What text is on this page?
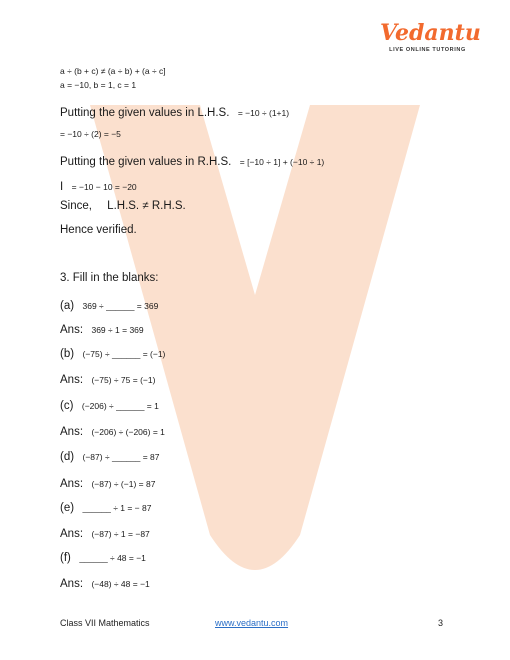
Vedantu
LIVE ONLINE TUTORING
a ÷ (b + c) ≠ (a ÷ b) + (a ÷ c]
a = −10, b = 1, c = 1
Putting the given values in L.H.S. = −10 ÷ (1+1)
= −10 ÷ (2) = −5
Putting the given values in R.H.S. = [−10 ÷ 1] + (−10 ÷ 1)
I = −10 − 10 = −20
Since, L.H.S. ≠ R.H.S.
Hence verified.
3. Fill in the blanks:
(a) 369 ÷ ______ = 369
Ans: 369 ÷ 1 = 369
(b) (−75) ÷ ______ = (−1)
Ans: (−75) ÷ 75 = (−1)
(c) (−206) ÷ ______ = 1
Ans: (−206) ÷ (−206) = 1
(d) (−87) ÷ ______ = 87
Ans: (−87) ÷ (−1) = 87
(e) ______ ÷ 1 = − 87
Ans: (−87) ÷ 1 = −87
(f) ______ ÷ 48 = −1
Ans: (−48) ÷ 48 = −1
Class VII Mathematics	www.vedantu.com	3
